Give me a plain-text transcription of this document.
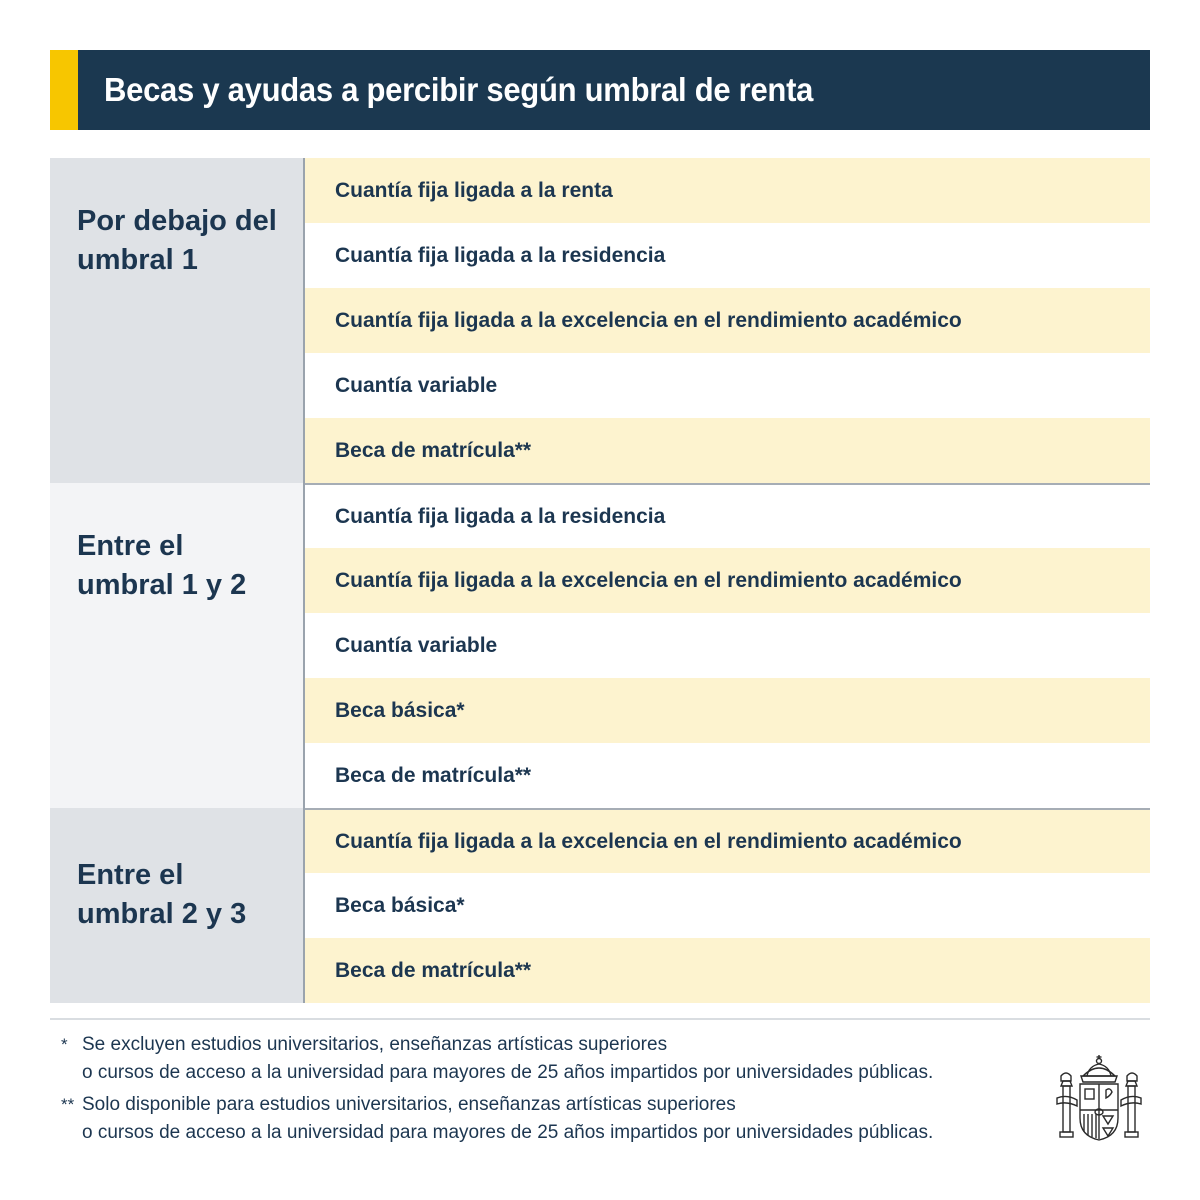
Becas y ayudas a percibir según umbral de renta
Por debajo del
umbral 1
Cuantía fija ligada a la renta
Cuantía fija ligada a la residencia
Cuantía fija ligada a la excelencia en el rendimiento académico
Cuantía variable
Beca de matrícula**
Entre el
umbral 1 y 2
Cuantía fija ligada a la residencia
Cuantía fija ligada a la excelencia en el rendimiento académico
Cuantía variable
Beca básica*
Beca de matrícula**
Entre el
umbral 2 y 3
Cuantía fija ligada a la excelencia en el rendimiento académico
Beca básica*
Beca de matrícula**
* Se excluyen estudios universitarios, enseñanzas artísticas superiores
o cursos de acceso a la universidad para mayores de 25 años impartidos por universidades públicas.
** Solo disponible para estudios universitarios, enseñanzas artísticas superiores
o cursos de acceso a la universidad para mayores de 25 años impartidos por universidades públicas.
